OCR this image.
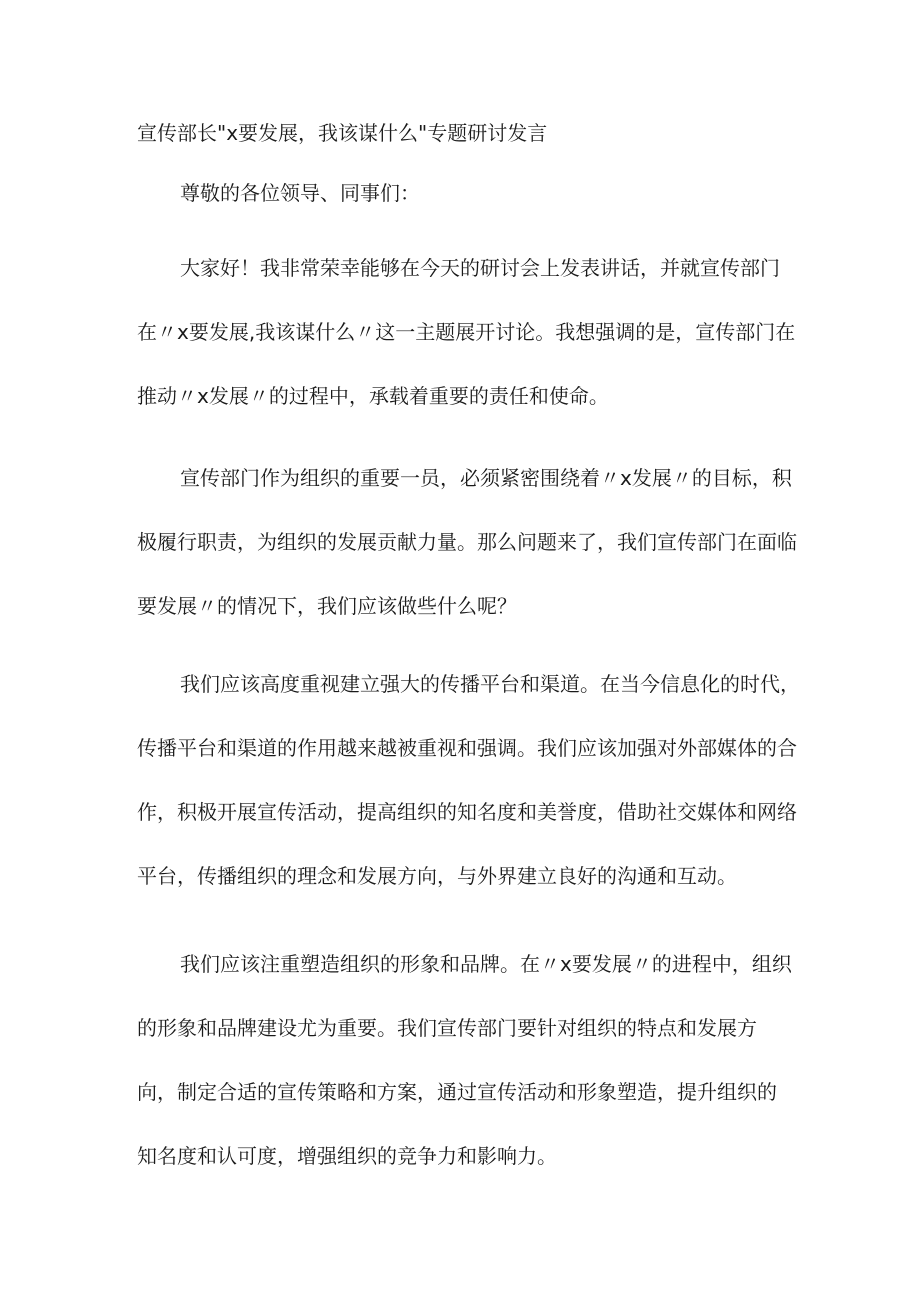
宣传部长"x要发展，我该谋什么"专题研讨发言
尊敬的各位领导、同事们：

大家好！我非常荣幸能够在今天的研讨会上发表讲话，并就宣传部门
在〃x要发展,我该谋什么〃这一主题展开讨论。我想强调的是，宣传部门在
推动〃x发展〃的过程中，承载着重要的责任和使命。

宣传部门作为组织的重要一员，必须紧密围绕着〃x发展〃的目标，积
极履行职责，为组织的发展贡献力量。那么问题来了，我们宣传部门在面临
要发展〃的情况下，我们应该做些什么呢？

我们应该高度重视建立强大的传播平台和渠道。在当今信息化的时代，
传播平台和渠道的作用越来越被重视和强调。我们应该加强对外部媒体的合
作，积极开展宣传活动，提高组织的知名度和美誉度，借助社交媒体和网络
平台，传播组织的理念和发展方向，与外界建立良好的沟通和互动。

我们应该注重塑造组织的形象和品牌。在〃x要发展〃的进程中，组织
的形象和品牌建设尤为重要。我们宣传部门要针对组织的特点和发展方
向，制定合适的宣传策略和方案，通过宣传活动和形象塑造，提升组织的
知名度和认可度，增强组织的竞争力和影响力。
